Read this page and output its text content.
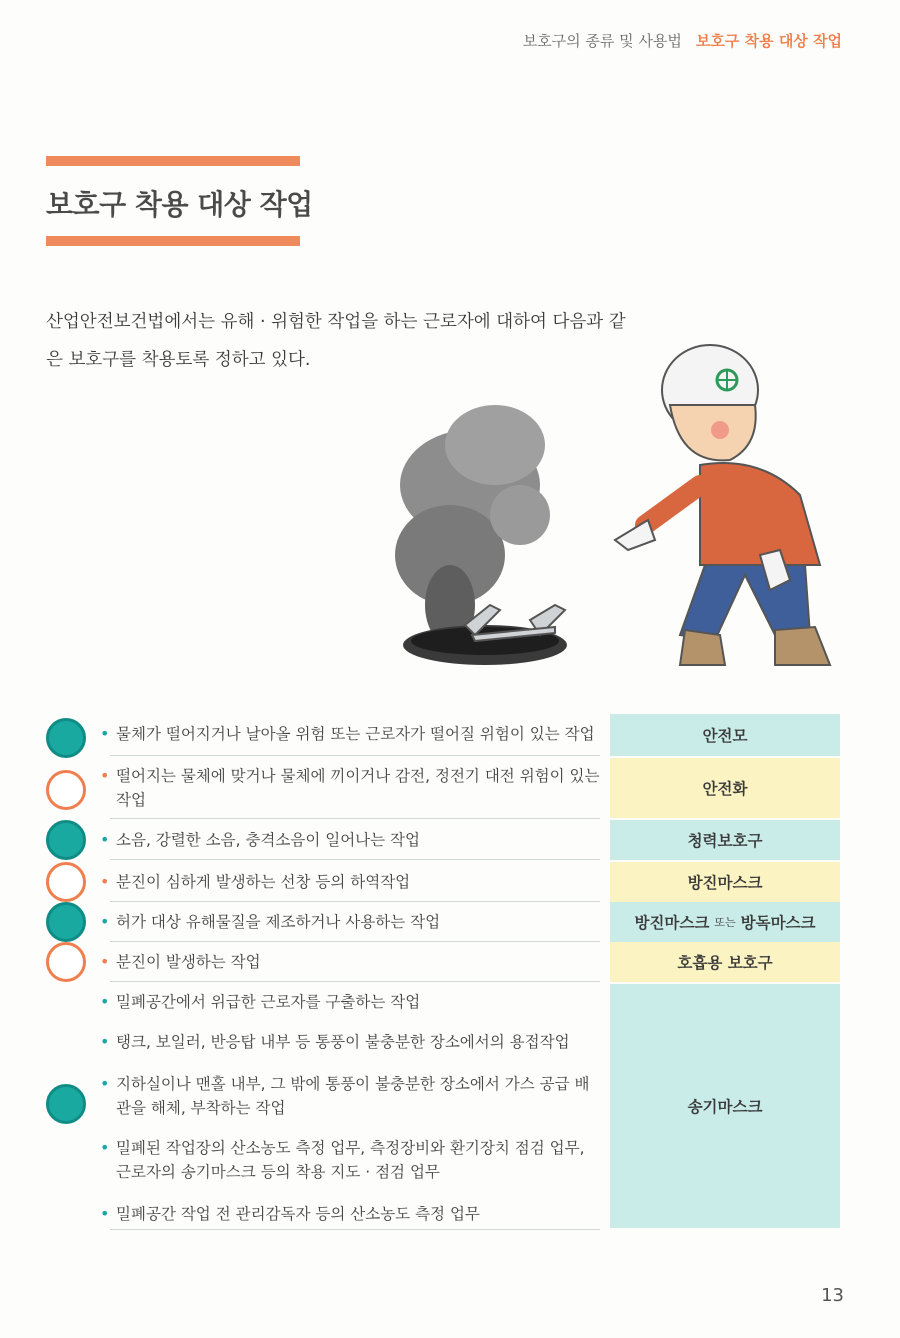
보호구의 종류 및 사용법 보호구 착용 대상 작업
보호구 착용 대상 작업

산업안전보건법에서는 유해 · 위험한 작업을 하는 근로자에 대하여 다음과 같은 보호구를 착용토록 정하고 있다.

• 물체가 떨어지거나 날아올 위험 또는 근로자가 떨어질 위험이 있는 작업
• 떨어지는 물체에 맞거나 물체에 끼이거나 감전, 정전기 대전 위험이 있는 작업
• 소음, 강렬한 소음, 충격소음이 일어나는 작업
• 분진이 심하게 발생하는 선창 등의 하역작업
• 허가 대상 유해물질을 제조하거나 사용하는 작업
• 분진이 발생하는 작업
• 밀폐공간에서 위급한 근로자를 구출하는 작업
• 탱크, 보일러, 반응탑 내부 등 통풍이 불충분한 장소에서의 용접작업
• 지하실이나 맨홀 내부, 그 밖에 통풍이 불충분한 장소에서 가스 공급 배관을 해체, 부착하는 작업
• 밀폐된 작업장의 산소농도 측정 업무, 측정장비와 환기장치 점검 업무, 근로자의 송기마스크 등의 착용 지도 · 점검 업무
• 밀폐공간 작업 전 관리감독자 등의 산소농도 측정 업무
안전모
안전화
청력보호구
방진마스크
방진마스크 또는 방독마스크
호흡용 보호구
송기마스크
13
